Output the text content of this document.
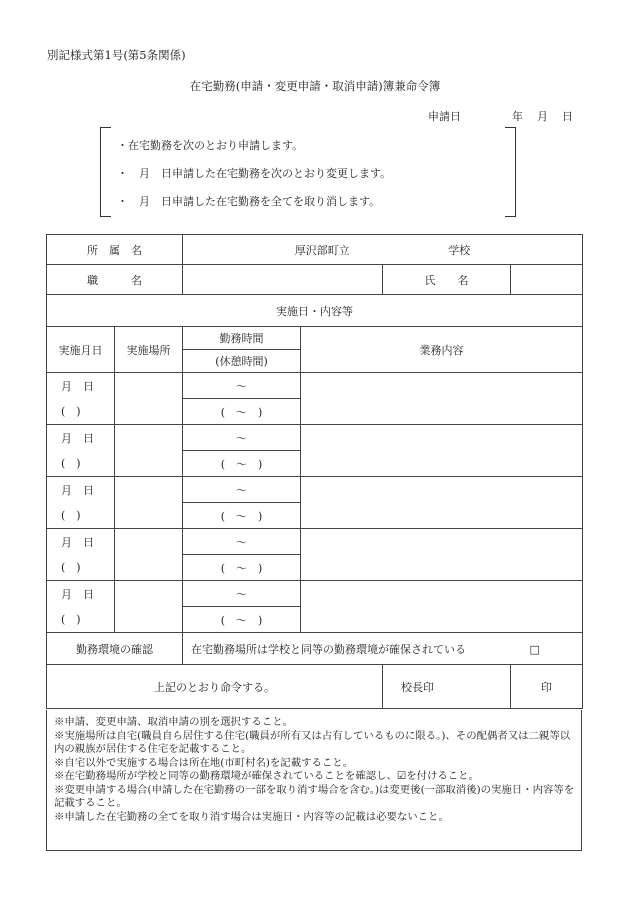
別記様式第1号(第5条関係)
在宅勤務(申請・変更申請・取消申請)簿兼命令簿
申請日	年 月 日
・在宅勤務を次のとおり申請します。
・　月　日申請した在宅勤務を次のとおり変更します。
・　月　日申請した在宅勤務を全てを取り消します。
所　属　名		厚沢部町立 学校			
職　　　名				氏　　名	
実施日・内容等					
実施月日	実施場所	勤務時間	業務内容		
		(休憩時間)			
月　日		～			
(　)		(　～　)			
月　日		～			
(　)		(　～　)			
月　日		～			
(　)		(　～　)			
月　日		～			
(　)		(　～　)			
月　日		～			
(　)		(　～　)			
勤務環境の確認		在宅勤務場所は学校と同等の勤務環境が確保されている □			
上記のとおり命令する。				校長印	印

※申請、変更申請、取消申請の別を選択すること。

※実施場所は自宅(職員自ら居住する住宅(職員が所有又は占有しているものに限る。)、その配偶者又は二親等以内の親族が居住する住宅を記載すること。

※自宅以外で実施する場合は所在地(市町村名)を記載すること。

※在宅勤務場所が学校と同等の勤務環境が確保されていることを確認し、☑を付けること。

※変更申請する場合(申請した在宅勤務の一部を取り消す場合を含む。)は変更後(一部取消後)の実施日・内容等を記載すること。

※申請した在宅勤務の全てを取り消す場合は実施日・内容等の記載は必要ないこと。
